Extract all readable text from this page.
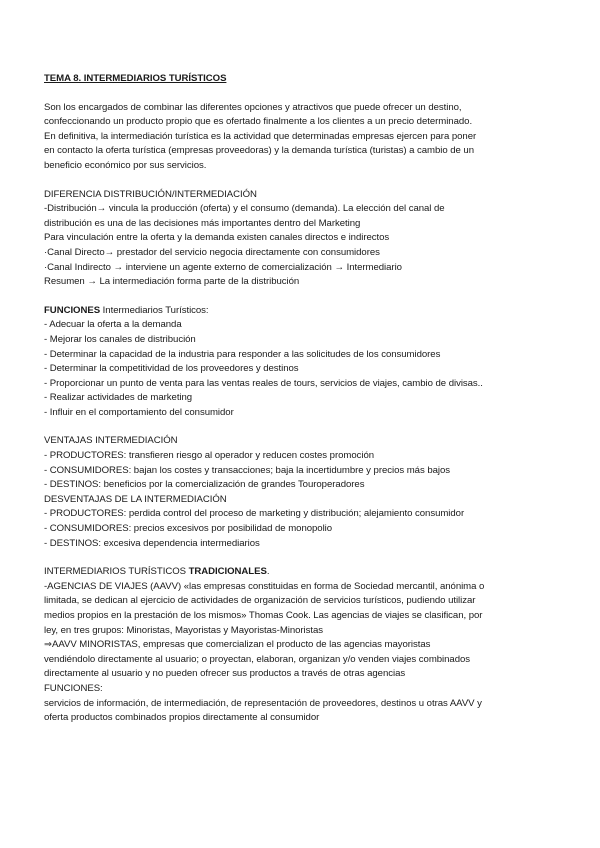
TEMA 8. INTERMEDIARIOS TURÍSTICOS
Son los encargados de combinar las diferentes opciones y atractivos que puede ofrecer un destino,
confeccionando un producto propio que es ofertado finalmente a los clientes a un precio determinado.
En definitiva, la intermediación turística es la actividad que determinadas empresas ejercen para poner
en contacto la oferta turística (empresas proveedoras) y la demanda turística (turistas) a cambio de un
beneficio económico por sus servicios.
DIFERENCIA DISTRIBUCIÓN/INTERMEDIACIÓN
-Distribución→ vincula la producción (oferta) y el consumo (demanda). La elección del canal de
distribución es una de las decisiones más importantes dentro del Marketing
Para vinculación entre la oferta y la demanda existen canales directos e indirectos
·Canal Directo→ prestador del servicio negocia directamente con consumidores
·Canal Indirecto → interviene un agente externo de comercialización → Intermediario
Resumen → La intermediación forma parte de la distribución
FUNCIONES Intermediarios Turísticos:
- Adecuar la oferta a la demanda
- Mejorar los canales de distribución
- Determinar la capacidad de la industria para responder a las solicitudes de los consumidores
- Determinar la competitividad de los proveedores y destinos
- Proporcionar un punto de venta para las ventas reales de tours, servicios de viajes, cambio de divisas..
- Realizar actividades de marketing
- Influir en el comportamiento del consumidor
VENTAJAS INTERMEDIACIÓN
- PRODUCTORES: transfieren riesgo al operador y reducen costes promoción
- CONSUMIDORES: bajan los costes y transacciones; baja la incertidumbre y precios más bajos
- DESTINOS: beneficios por la comercialización de grandes Touroperadores
DESVENTAJAS DE LA INTERMEDIACIÓN
- PRODUCTORES: perdida control del proceso de marketing y distribución; alejamiento consumidor
- CONSUMIDORES: precios excesivos por posibilidad de monopolio
- DESTINOS: excesiva dependencia intermediarios
INTERMEDIARIOS TURÍSTICOS TRADICIONALES.
-AGENCIAS DE VIAJES (AAVV) «las empresas constituidas en forma de Sociedad mercantil, anónima o
limitada, se dedican al ejercicio de actividades de organización de servicios turísticos, pudiendo utilizar
medios propios en la prestación de los mismos» Thomas Cook. Las agencias de viajes se clasifican, por
ley, en tres grupos: Minoristas, Mayoristas y Mayoristas-Minoristas
⇒AAVV MINORISTAS, empresas que comercializan el producto de las agencias mayoristas
vendiéndolo directamente al usuario; o proyectan, elaboran, organizan y/o venden viajes combinados
directamente al usuario y no pueden ofrecer sus productos a través de otras agencias
FUNCIONES:
servicios de información, de intermediación, de representación de proveedores, destinos u otras AAVV y
oferta productos combinados propios directamente al consumidor
